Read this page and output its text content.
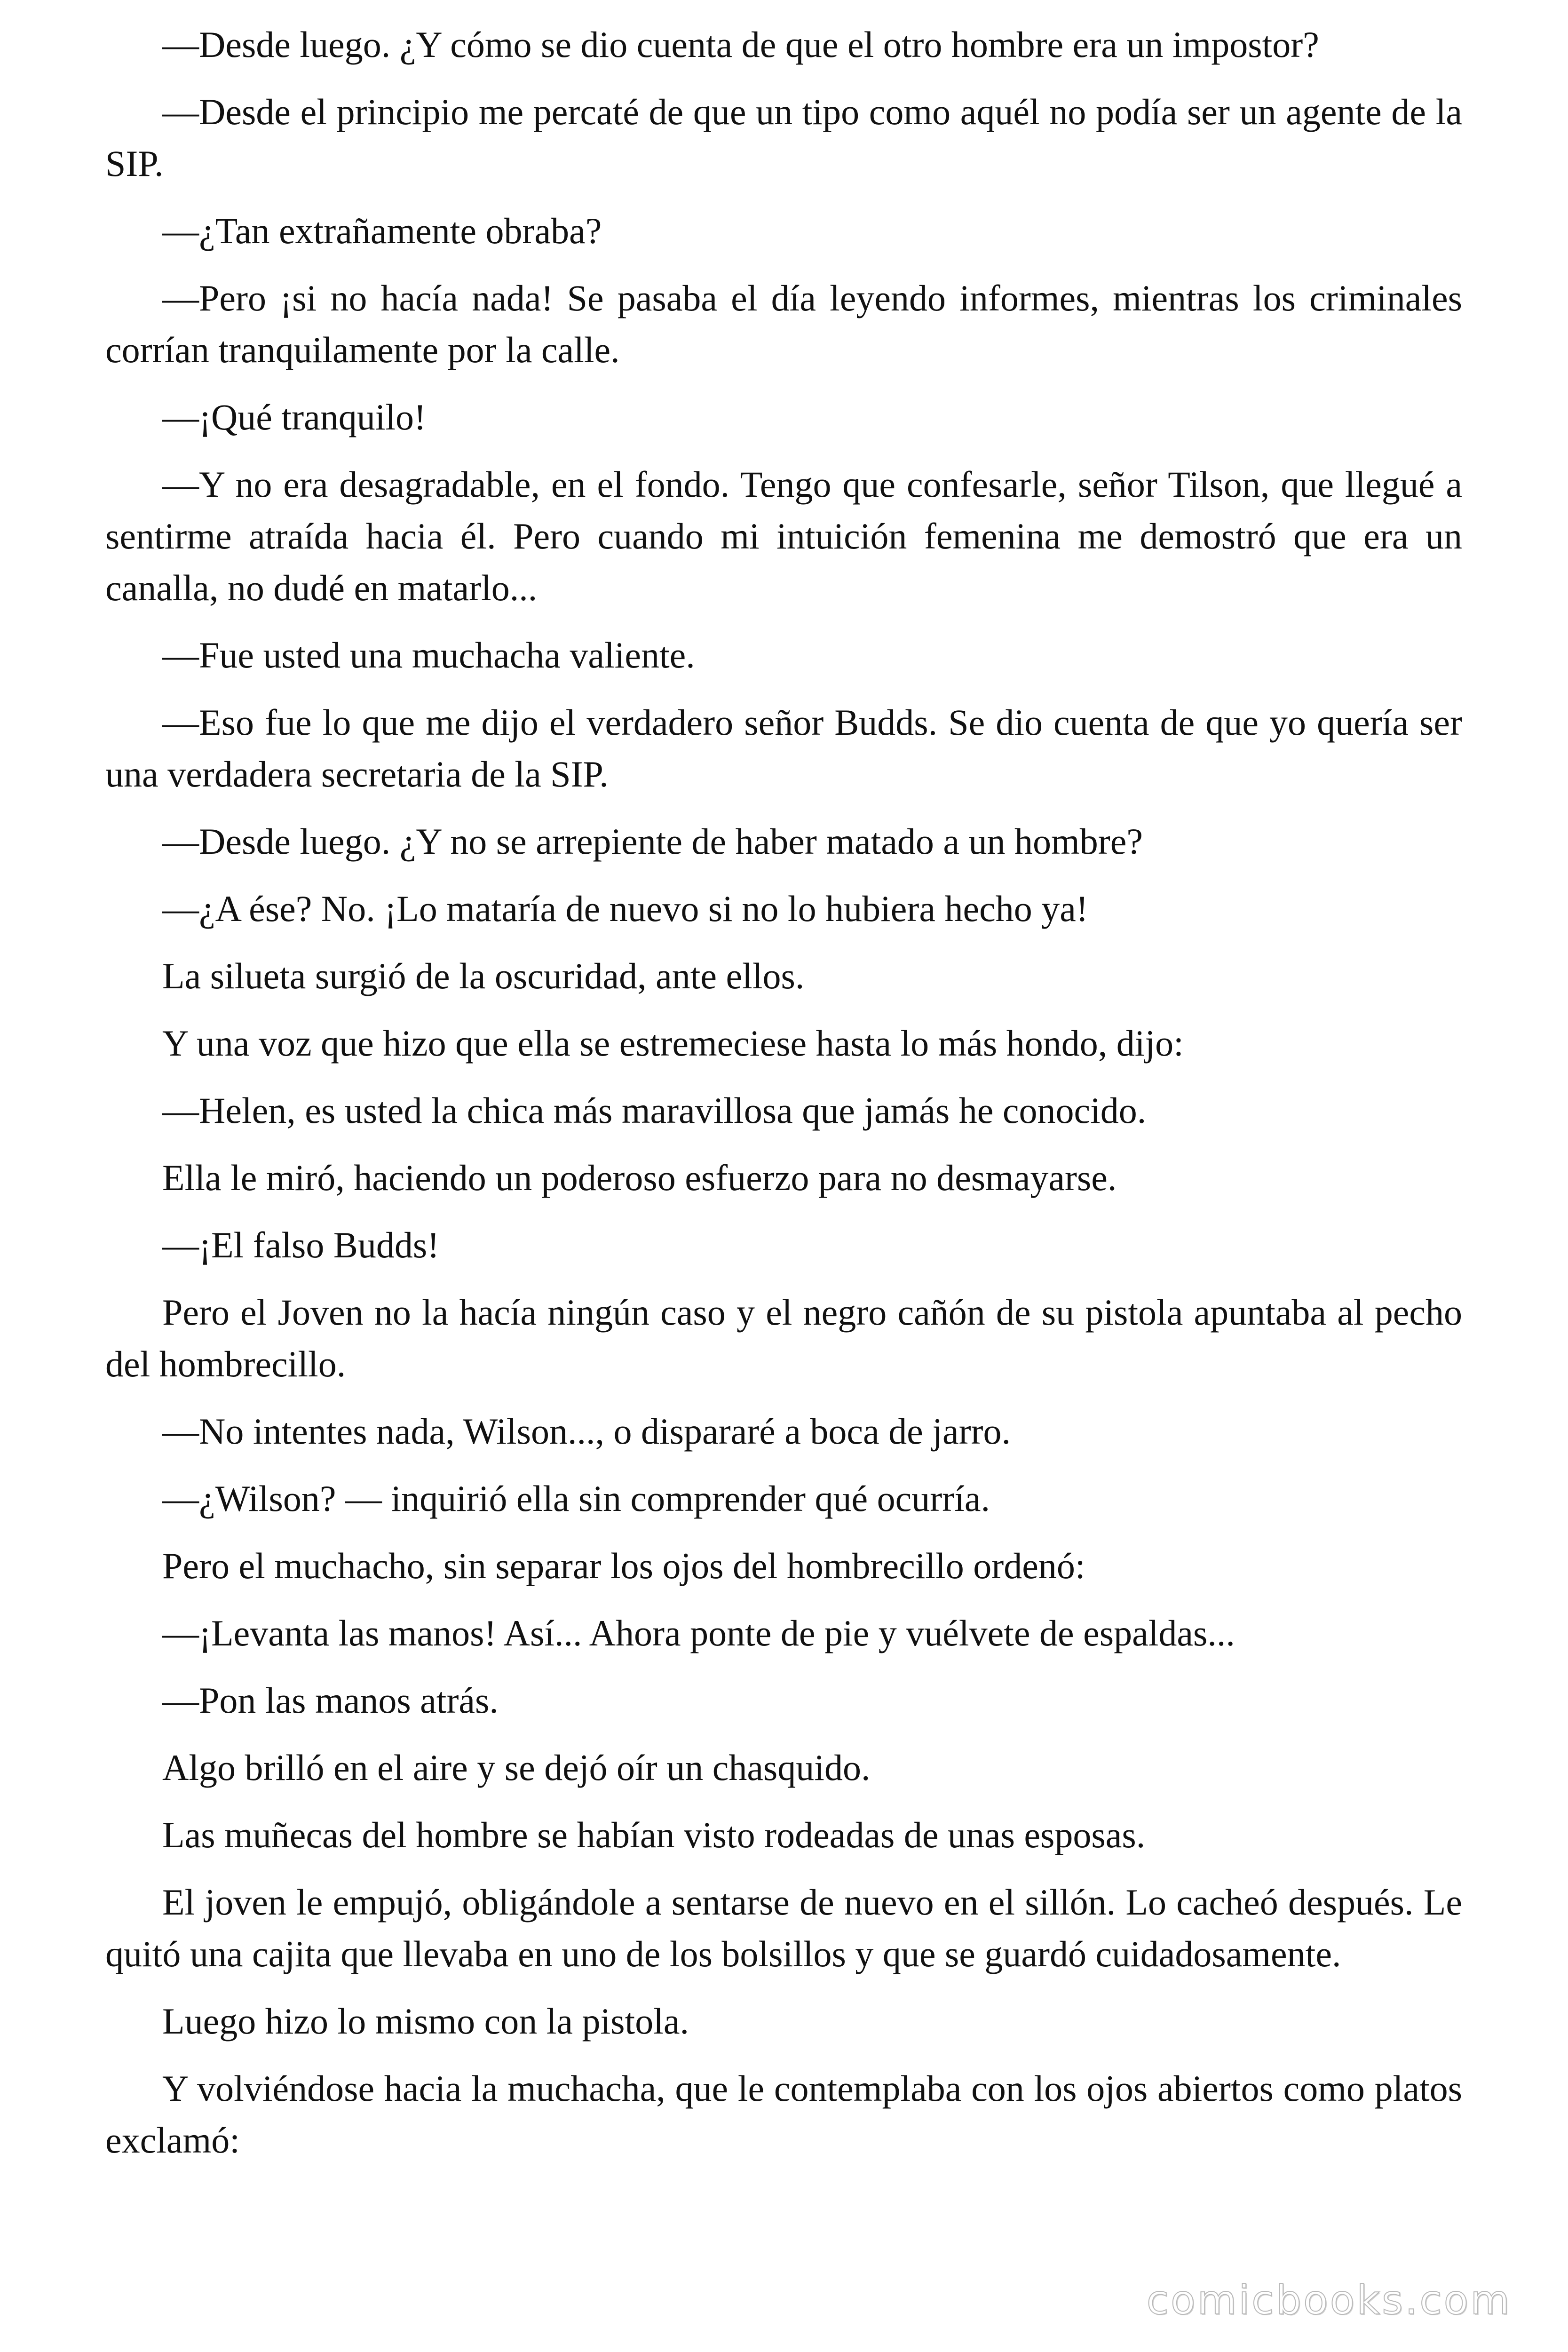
—Desde luego. ¿Y cómo se dio cuenta de que el otro hombre era un impostor?

—Desde el principio me percaté de que un tipo como aquél no podía ser un agente de la SIP.

—¿Tan extrañamente obraba?

—Pero ¡si no hacía nada! Se pasaba el día leyendo informes, mientras los criminales corrían tranquilamente por la calle.

—¡Qué tranquilo!

—Y no era desagradable, en el fondo. Tengo que confesarle, señor Tilson, que llegué a sentirme atraída hacia él. Pero cuando mi intuición femenina me demostró que era un canalla, no dudé en matarlo...

—Fue usted una muchacha valiente.

—Eso fue lo que me dijo el verdadero señor Budds. Se dio cuenta de que yo quería ser una verdadera secretaria de la SIP.

—Desde luego. ¿Y no se arrepiente de haber matado a un hombre?

—¿A ése? No. ¡Lo mataría de nuevo si no lo hubiera hecho ya!

La silueta surgió de la oscuridad, ante ellos.

Y una voz que hizo que ella se estremeciese hasta lo más hondo, dijo:

—Helen, es usted la chica más maravillosa que jamás he conocido.

Ella le miró, haciendo un poderoso esfuerzo para no desmayarse.

—¡El falso Budds!

Pero el Joven no la hacía ningún caso y el negro cañón de su pistola apuntaba al pecho del hombrecillo.

—No intentes nada, Wilson..., o dispararé a boca de jarro.

—¿Wilson? — inquirió ella sin comprender qué ocurría.

Pero el muchacho, sin separar los ojos del hombrecillo ordenó:

—¡Levanta las manos! Así... Ahora ponte de pie y vuélvete de espaldas...

—Pon las manos atrás.

Algo brilló en el aire y se dejó oír un chasquido.

Las muñecas del hombre se habían visto rodeadas de unas esposas.

El joven le empujó, obligándole a sentarse de nuevo en el sillón. Lo cacheó después. Le quitó una cajita que llevaba en uno de los bolsillos y que se guardó cuidadosamente.

Luego hizo lo mismo con la pistola.

Y volviéndose hacia la muchacha, que le contemplaba con los ojos abiertos como platos exclamó:

comicbooks.com
